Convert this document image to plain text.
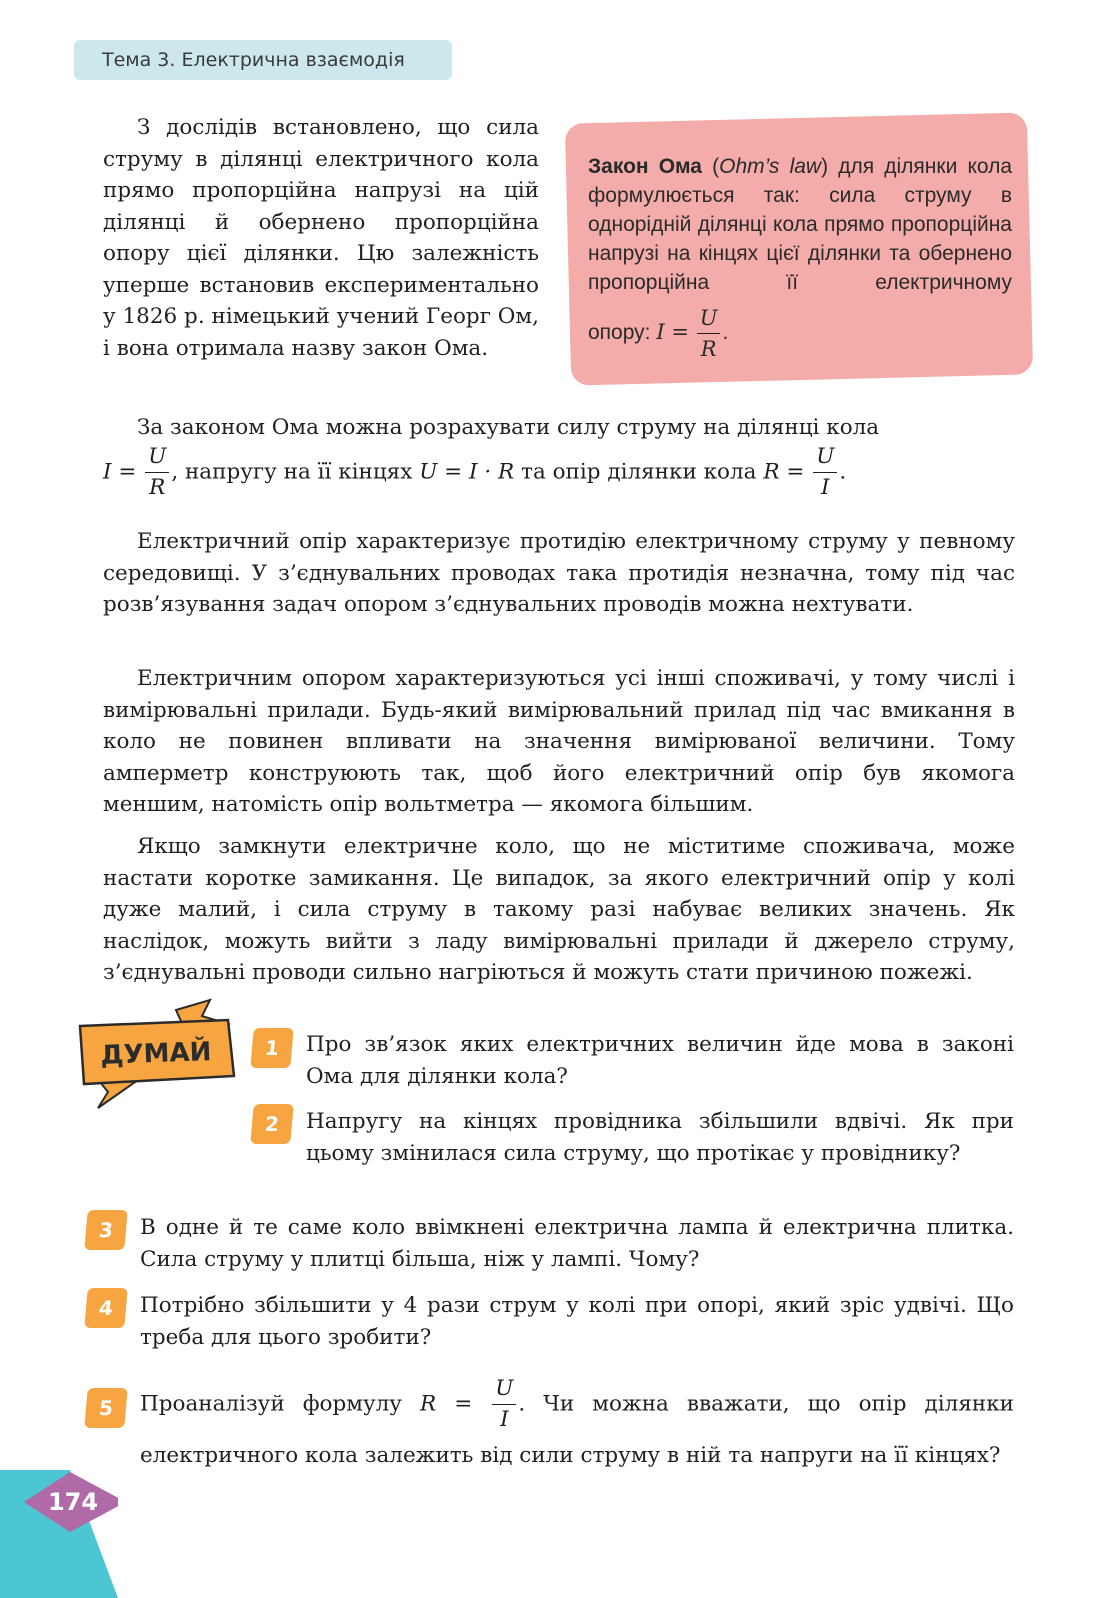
Тема 3. Електрична взаємодія

З дослідів встановлено, що сила струму в ділянці електричного кола прямо пропорційна напрузі на цій ділянці й обернено пропорційна опору цієї ділянки. Цю залежність уперше встановив експериментально у 1826 р. німецький учений Георг Ом, і вона отримала назву закон Ома.

Закон Ома (Ohm’s law) для ділянки кола формулюється так: сила струму в однорідній ділянці кола прямо пропорційна напрузі на кінцях цієї ділянки та обернено пропорційна її електричному опору: $I = \frac{U}{R}$ .

За законом Ома можна розрахувати силу струму на ділянці кола

$I = \frac{U}{R}$ , напругу на її кінцях U = I · R та опір ділянки кола $R = \frac{U}{I}$ .

Електричний опір характеризує протидію електричному струму у певному середовищі. У з’єднувальних проводах така протидія незначна, тому під час розв’язування задач опором з’єднувальних проводів можна нехтувати.

Електричним опором характеризуються усі інші споживачі, у тому числі і вимірювальні прилади. Будь-який вимірювальний прилад під час вмикання в коло не повинен впливати на значення вимірюваної величини. Тому амперметр конструюють так, щоб його електричний опір був якомога меншим, натомість опір вольтметра — якомога більшим.

Якщо замкнути електричне коло, що не міститиме споживача, може настати коротке замикання. Це випадок, за якого електричний опір у колі дуже малий, і сила струму в такому разі набуває великих значень. Як наслідок, можуть вийти з ладу вимірювальні прилади й джерело струму, з’єднувальні проводи сильно нагріються й можуть стати причиною пожежі.

ДУМАЙ	1	Про зв’язок яких електричних величин йде мова в законі Ома для ділянки кола?

2	Напругу на кінцях провідника збільшили вдвічі. Як при цьому змінилася сила струму, що протікає у провіднику?

3	В одне й те саме коло ввімкнені електрична лампа й електрична плитка. Сила струму у плитці більша, ніж у лампі. Чому?

4	Потрібно збільшити у 4 рази струм у колі при опорі, який зріс удвічі. Що треба для цього зробити?

5	Проаналізуй формулу $R = \frac{U}{I}$ . Чи можна вважати, що опір ділянки електричного кола залежить від сили струму в ній та напруги на її кінцях?

174
